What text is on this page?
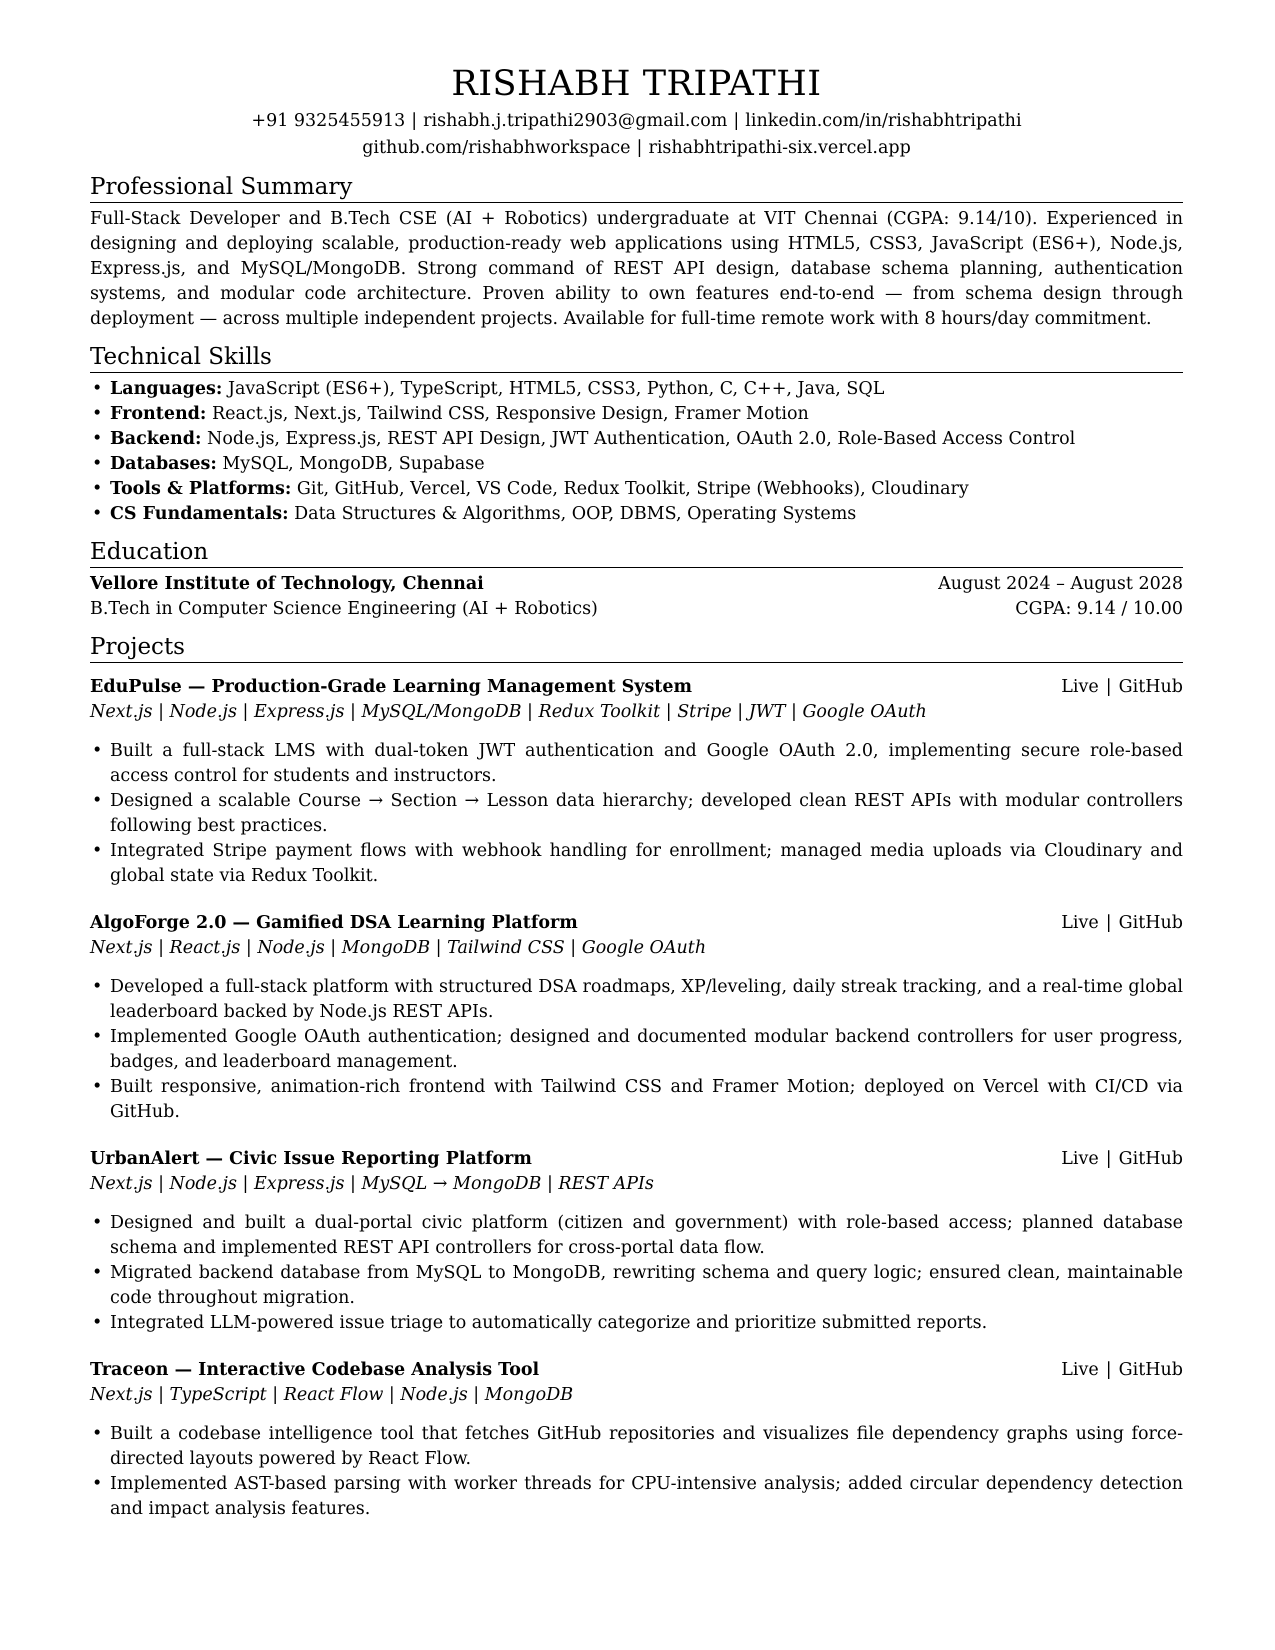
RISHABH TRIPATHI
+91 9325455913 | rishabh.j.tripathi2903@gmail.com | linkedin.com/in/rishabhtripathi
github.com/rishabhworkspace | rishabhtripathi-six.vercel.app
Professional Summary
Full-Stack Developer and B.Tech CSE (AI + Robotics) undergraduate at VIT Chennai (CGPA: 9.14/10). Experienced in designing and deploying scalable, production-ready web applications using HTML5, CSS3, JavaScript (ES6+), Node.js, Express.js, and MySQL/MongoDB. Strong command of REST API design, database schema planning, authentication systems, and modular code architecture. Proven ability to own features end-to-end — from schema design through deployment — across multiple independent projects. Available for full-time remote work with 8 hours/day commitment.
Technical Skills
• Languages: JavaScript (ES6+), TypeScript, HTML5, CSS3, Python, C, C++, Java, SQL
• Frontend: React.js, Next.js, Tailwind CSS, Responsive Design, Framer Motion
• Backend: Node.js, Express.js, REST API Design, JWT Authentication, OAuth 2.0, Role-Based Access Control
• Databases: MySQL, MongoDB, Supabase
• Tools & Platforms: Git, GitHub, Vercel, VS Code, Redux Toolkit, Stripe (Webhooks), Cloudinary
• CS Fundamentals: Data Structures & Algorithms, OOP, DBMS, Operating Systems
Education
Vellore Institute of Technology, Chennai	August 2024 – August 2028
B.Tech in Computer Science Engineering (AI + Robotics)	CGPA: 9.14 / 10.00
Projects
EduPulse — Production-Grade Learning Management System	Live | GitHub
Next.js | Node.js | Express.js | MySQL/MongoDB | Redux Toolkit | Stripe | JWT | Google OAuth
• Built a full-stack LMS with dual-token JWT authentication and Google OAuth 2.0, implementing secure role-based access control for students and instructors.
• Designed a scalable Course → Section → Lesson data hierarchy; developed clean REST APIs with modular controllers following best practices.
• Integrated Stripe payment flows with webhook handling for enrollment; managed media uploads via Cloudinary and global state via Redux Toolkit.
AlgoForge 2.0 — Gamified DSA Learning Platform	Live | GitHub
Next.js | React.js | Node.js | MongoDB | Tailwind CSS | Google OAuth
• Developed a full-stack platform with structured DSA roadmaps, XP/leveling, daily streak tracking, and a real-time global leaderboard backed by Node.js REST APIs.
• Implemented Google OAuth authentication; designed and documented modular backend controllers for user progress, badges, and leaderboard management.
• Built responsive, animation-rich frontend with Tailwind CSS and Framer Motion; deployed on Vercel with CI/CD via GitHub.
UrbanAlert — Civic Issue Reporting Platform	Live | GitHub
Next.js | Node.js | Express.js | MySQL → MongoDB | REST APIs
• Designed and built a dual-portal civic platform (citizen and government) with role-based access; planned database schema and implemented REST API controllers for cross-portal data flow.
• Migrated backend database from MySQL to MongoDB, rewriting schema and query logic; ensured clean, maintainable code throughout migration.
• Integrated LLM-powered issue triage to automatically categorize and prioritize submitted reports.
Traceon — Interactive Codebase Analysis Tool	Live | GitHub
Next.js | TypeScript | React Flow | Node.js | MongoDB
• Built a codebase intelligence tool that fetches GitHub repositories and visualizes file dependency graphs using force-directed layouts powered by React Flow.
• Implemented AST-based parsing with worker threads for CPU-intensive analysis; added circular dependency detection and impact analysis features.
